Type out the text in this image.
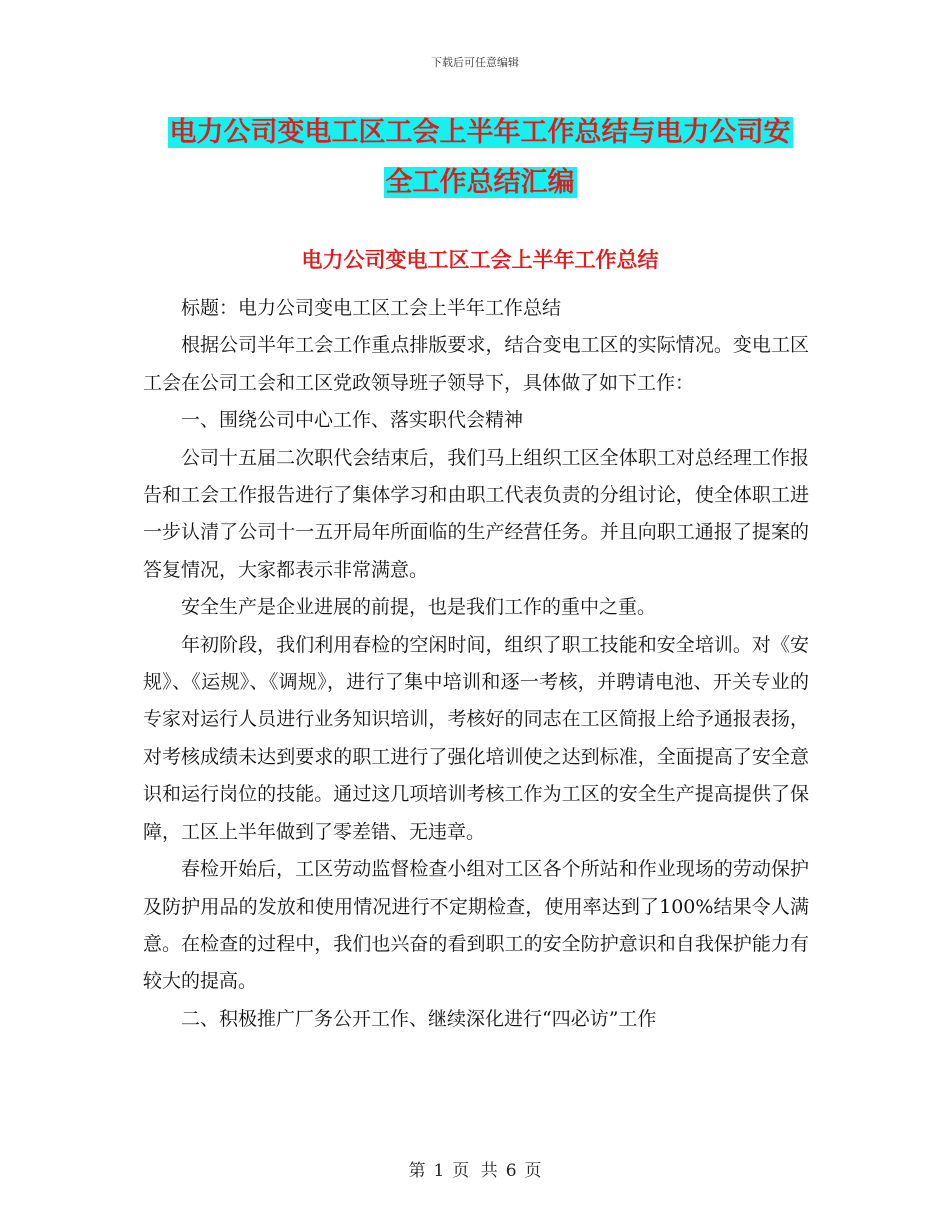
下载后可任意编辑
电力公司变电工区工会上半年工作总结与电力公司安
全工作总结汇编
电力公司变电工区工会上半年工作总结

标题：电力公司变电工区工会上半年工作总结

根据公司半年工会工作重点排版要求，结合变电工区的实际情况。变电工区工会在公司工会和工区党政领导班子领导下，具体做了如下工作：

一、围绕公司中心工作、落实职代会精神

公司十五届二次职代会结束后，我们马上组织工区全体职工对总经理工作报告和工会工作报告进行了集体学习和由职工代表负责的分组讨论，使全体职工进一步认清了公司十一五开局年所面临的生产经营任务。并且向职工通报了提案的答复情况，大家都表示非常满意。

安全生产是企业进展的前提，也是我们工作的重中之重。

年初阶段，我们利用春检的空闲时间，组织了职工技能和安全培训。对《安规》、《运规》、《调规》，进行了集中培训和逐一考核，并聘请电池、开关专业的专家对运行人员进行业务知识培训，考核好的同志在工区简报上给予通报表扬，对考核成绩未达到要求的职工进行了强化培训使之达到标准，全面提高了安全意识和运行岗位的技能。通过这几项培训考核工作为工区的安全生产提高提供了保障，工区上半年做到了零差错、无违章。

春检开始后，工区劳动监督检查小组对工区各个所站和作业现场的劳动保护及防护用品的发放和使用情况进行不定期检查，使用率达到了100%结果令人满意。在检查的过程中，我们也兴奋的看到职工的安全防护意识和自我保护能力有较大的提高。

二、积极推广厂务公开工作、继续深化进行“四必访”工作

第 1 页 共 6 页
